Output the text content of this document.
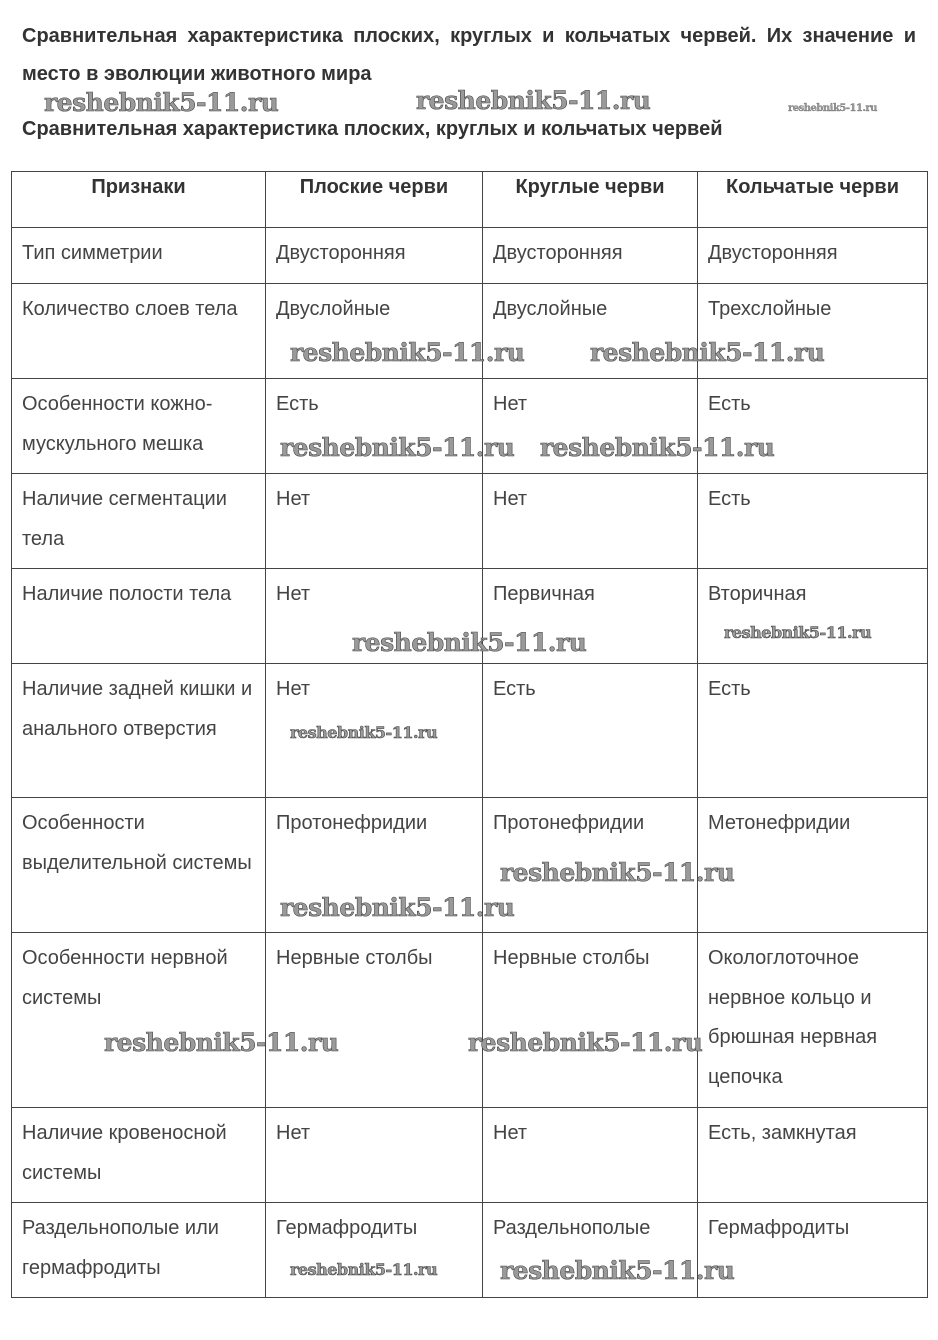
Сравнительная характеристика плоских, круглых и кольчатых червей. Их значение и место в эволюции животного мира
Сравнительная характеристика плоских, круглых и кольчатых червей
Признаки	Плоские черви	Круглые черви	Кольчатые черви
Тип симметрии	Двусторонняя	Двусторонняя	Двусторонняя
Количество слоев тела	Двуслойные	Двуслойные	Трехслойные
Особенности кожно-мускульного мешка	Есть	Нет	Есть
Наличие сегментации тела	Нет	Нет	Есть
Наличие полости тела	Нет	Первичная	Вторичная
Наличие задней кишки и анального отверстия	Нет	Есть	Есть
Особенности выделительной системы	Протонефридии	Протонефридии	Метонефридии
Особенности нервной системы	Нервные столбы	Нервные столбы	Окологлоточное нервное кольцо и брюшная нервная цепочка
Наличие кровеносной системы	Нет	Нет	Есть, замкнутая
Раздельнополые или гермафродиты	Гермафродиты	Раздельнополые	Гермафродиты
reshebnik5-11.ru	reshebnik5-11.ru	reshebnik5-11.ru
reshebnik5-11.ru	reshebnik5-11.ru
reshebnik5-11.ru reshebnik5-11.ru
reshebnik5-11.ru
reshebnik5-11.ru
reshebnik5-11.ru
reshebnik5-11.ru
reshebnik5-11.ru
reshebnik5-11.ru	reshebnik5-11.ru
reshebnik5-11.ru	reshebnik5-11.ru
